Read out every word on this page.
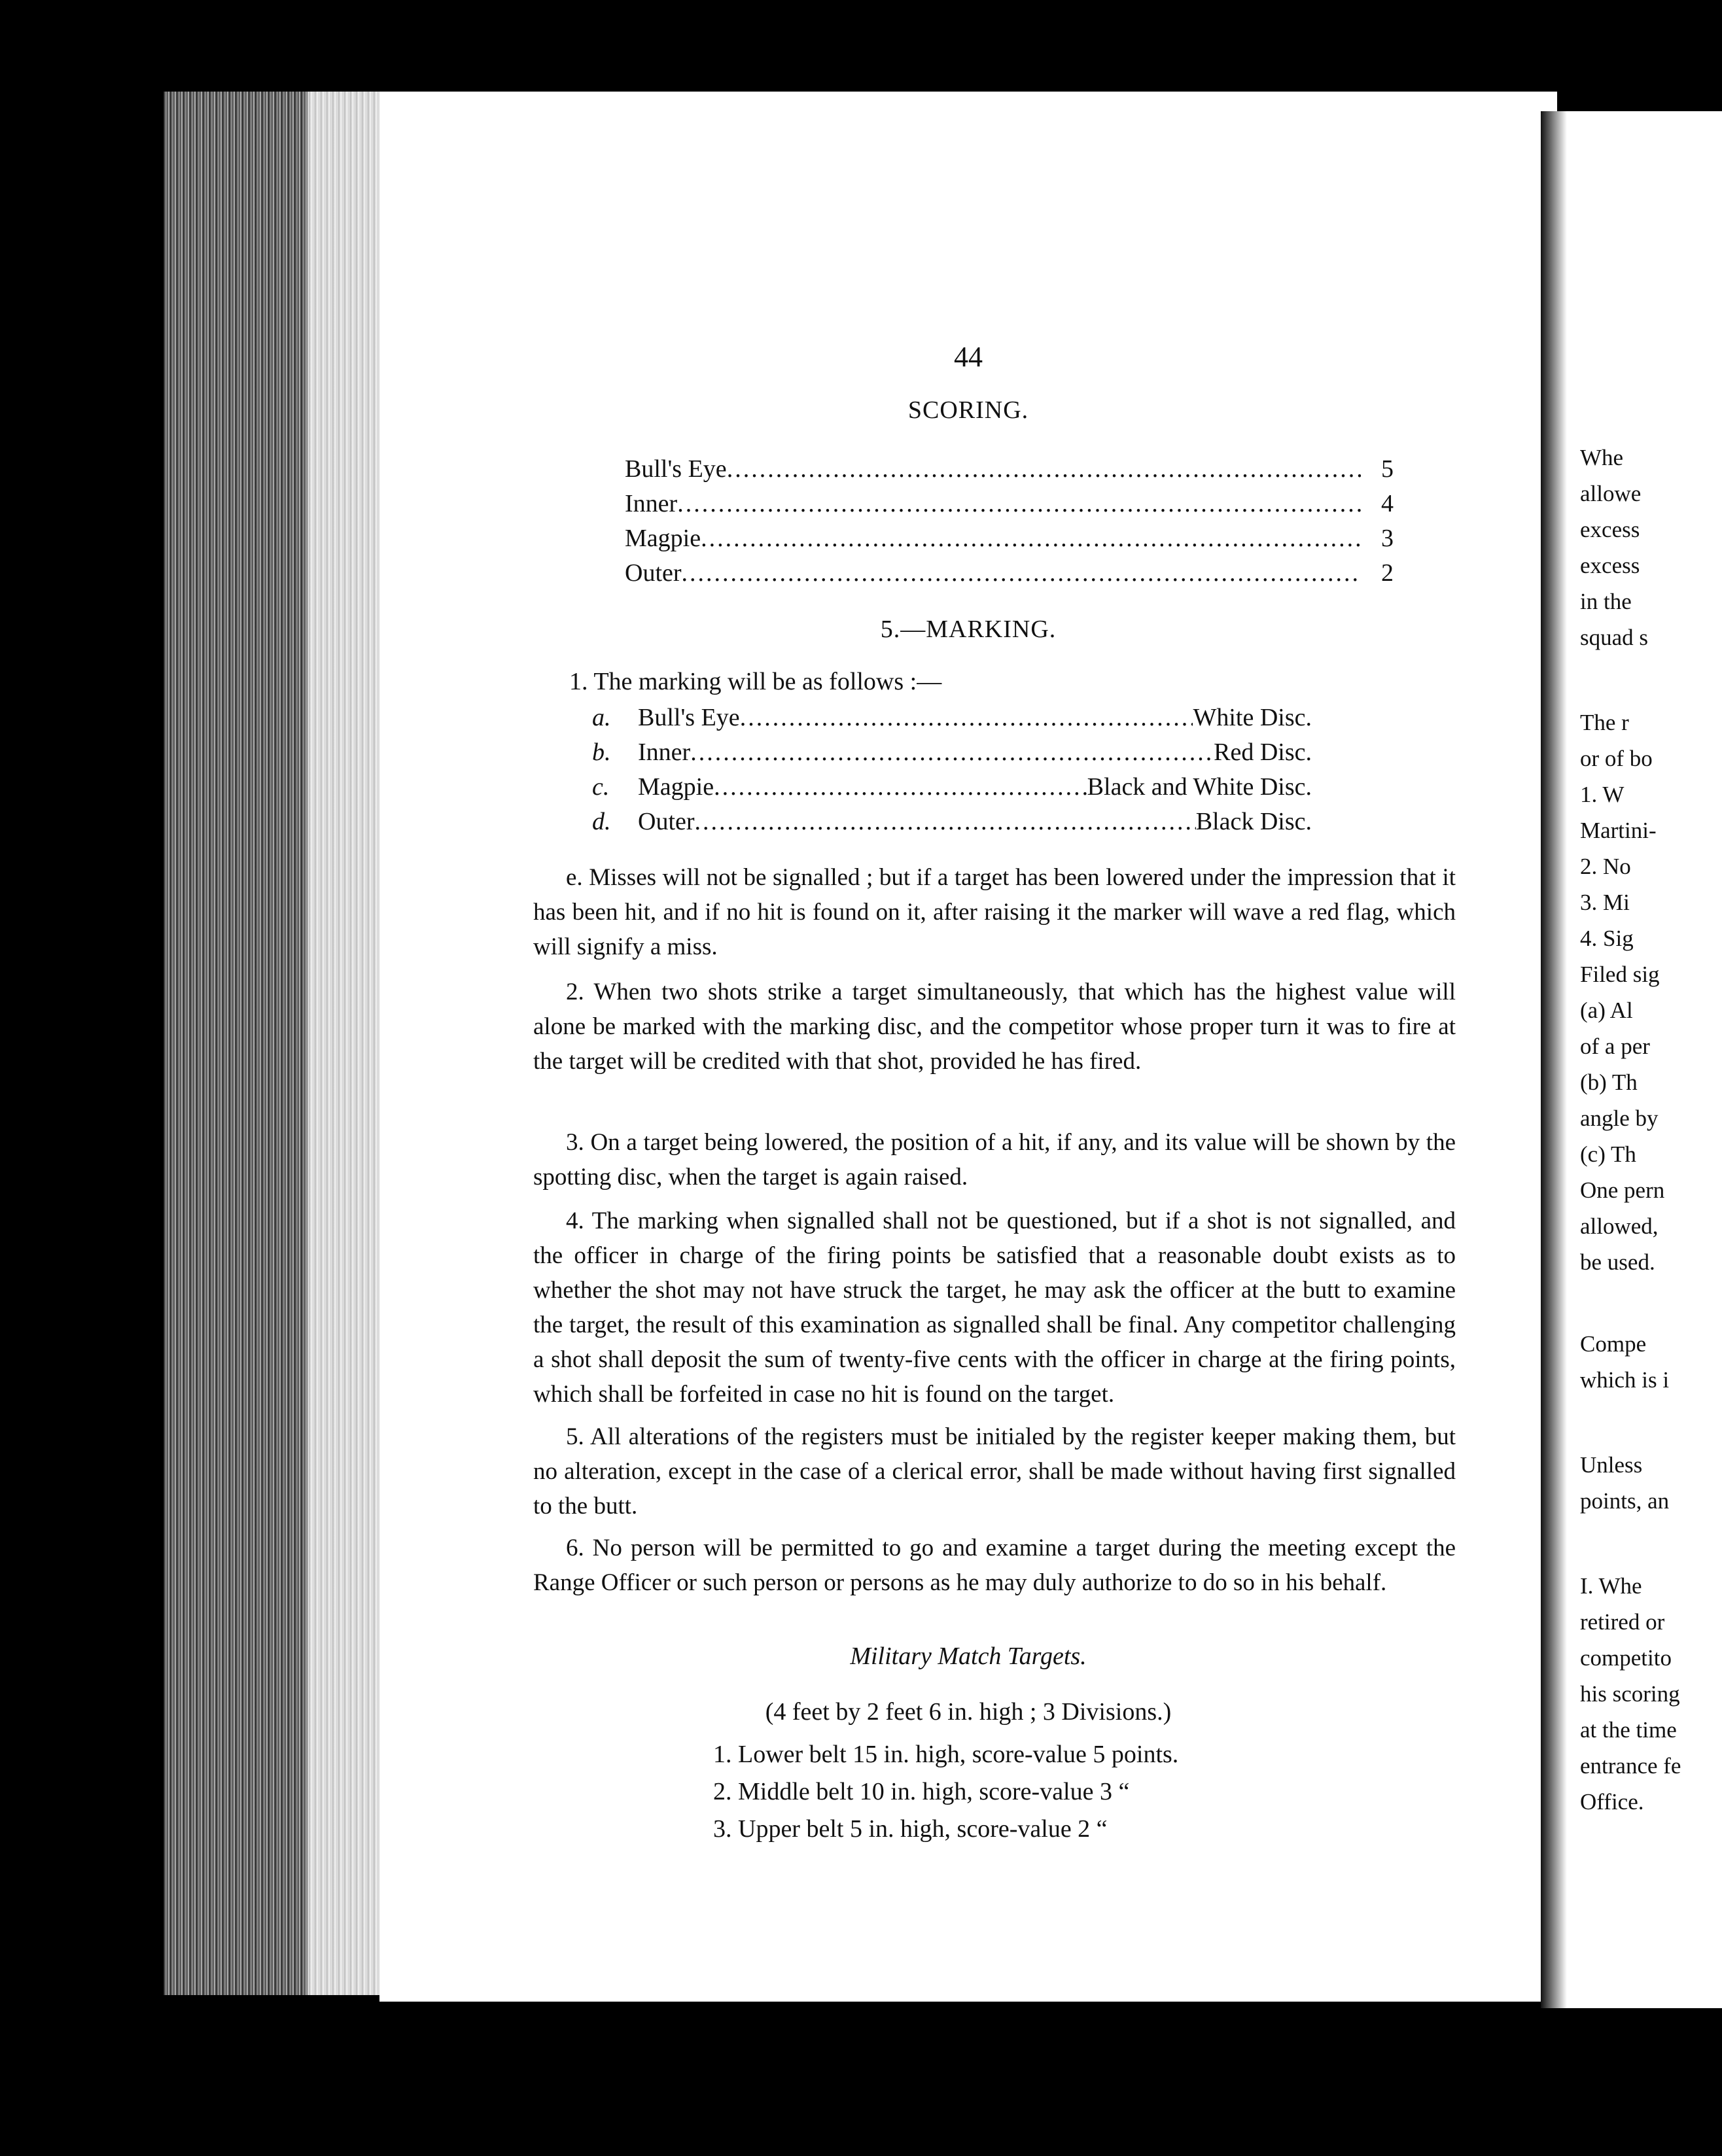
44
SCORING.
Bull's Eye .....	5
Inner .....	4
Magpie .....	3
Outer .....	2
5.—MARKING.
1. The marking will be as follows :—
a.	Bull's Eye .....	White Disc.
b.	Inner .....	Red Disc.
c.	Magpie .....	Black and White Disc.
d.	Outer .....	Black Disc.

e. Misses will not be signalled ; but if a target has been lowered under the impression that it has been hit, and if no hit is found on it, after raising it the marker will wave a red flag, which will signify a miss.

2. When two shots strike a target simultaneously, that which has the highest value will alone be marked with the marking disc, and the competitor whose proper turn it was to fire at the target will be credited with that shot, provided he has fired.

3. On a target being lowered, the position of a hit, if any, and its value will be shown by the spotting disc, when the target is again raised.

4. The marking when signalled shall not be questioned, but if a shot is not signalled, and the officer in charge of the firing points be satisfied that a reasonable doubt exists as to whether the shot may not have struck the target, he may ask the officer at the butt to examine the target, the result of this examination as signalled shall be final. Any competitor challenging a shot shall deposit the sum of twenty-five cents with the officer in charge at the firing points, which shall be forfeited in case no hit is found on the target.

5. All alterations of the registers must be initialed by the register keeper making them, but no alteration, except in the case of a clerical error, shall be made without having first signalled to the butt.

6. No person will be permitted to go and examine a target during the meeting except the Range Officer or such person or persons as he may duly authorize to do so in his behalf.

Military Match Targets.
(4 feet by 2 feet 6 in. high ; 3 Divisions.)
1. Lower belt 15 in. high, score-value 5 points.
2. Middle belt 10 in. high, score-value 3 “
3. Upper belt 5 in. high, score-value 2 “
Whe
allowe
excess
excess
in the
squad s
The r
or of bo
1. W
Martini-
2. No
3. Mi
4. Sig
Filed sig
(a) Al
of a per
(b) Th
angle by
(c) Th
One pern
allowed,
be used.
Compe
which is i
Unless
points, an
I. Whe
retired or
competito
his scoring
at the time
entrance fe
Office.
